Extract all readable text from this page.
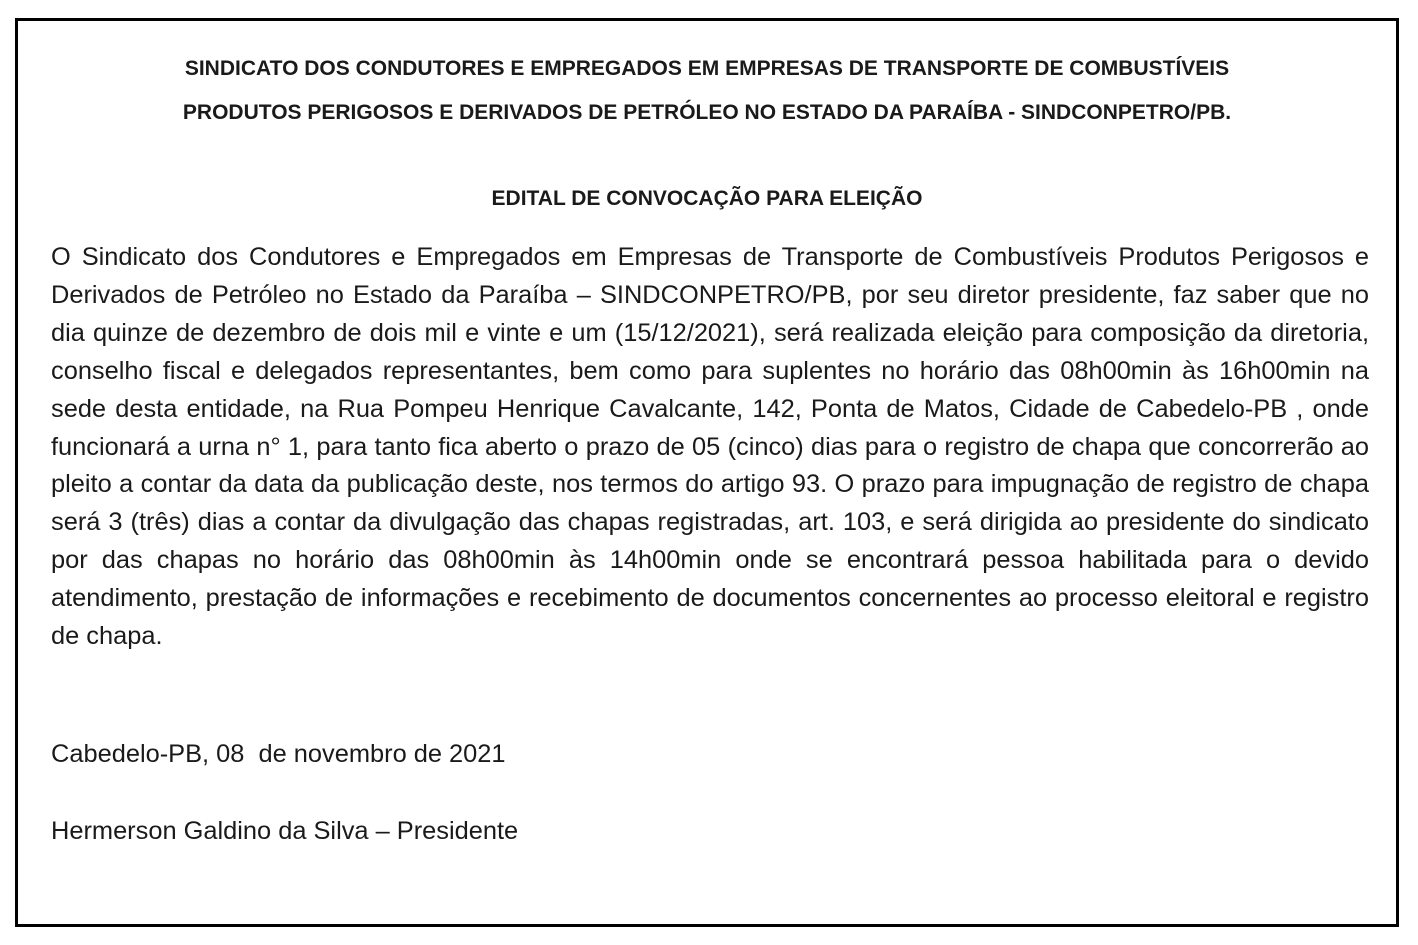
SINDICATO DOS CONDUTORES E EMPREGADOS EM EMPRESAS DE TRANSPORTE DE COMBUSTÍVEIS
PRODUTOS PERIGOSOS E DERIVADOS DE PETRÓLEO NO ESTADO DA PARAÍBA - SINDCONPETRO/PB.
EDITAL DE CONVOCAÇÃO PARA ELEIÇÃO
O Sindicato dos Condutores e Empregados em Empresas de Transporte de Combustíveis Produtos Perigosos e Derivados de Petróleo no Estado da Paraíba – SINDCONPETRO/PB, por seu diretor presidente, faz saber que no dia quinze de dezembro de dois mil e vinte e um (15/12/2021), será realizada eleição para composição da diretoria, conselho fiscal e delegados representantes, bem como para suplentes no horário das 08h00min às 16h00min na sede desta entidade, na Rua Pompeu Henrique Cavalcante, 142, Ponta de Matos, Cidade de Cabedelo-PB , onde funcionará a urna n° 1, para tanto fica aberto o prazo de 05 (cinco) dias para o registro de chapa que concorrerão ao pleito a contar da data da publicação deste, nos termos do artigo 93. O prazo para impugnação de registro de chapa será 3 (três) dias a contar da divulgação das chapas registradas, art. 103, e será dirigida ao presidente do sindicato por das chapas no horário das 08h00min às 14h00min onde se encontrará pessoa habilitada para o devido atendimento, prestação de informações e recebimento de documentos concernentes ao processo eleitoral e registro de chapa.
Cabedelo-PB, 08  de novembro de 2021
Hermerson Galdino da Silva – Presidente
